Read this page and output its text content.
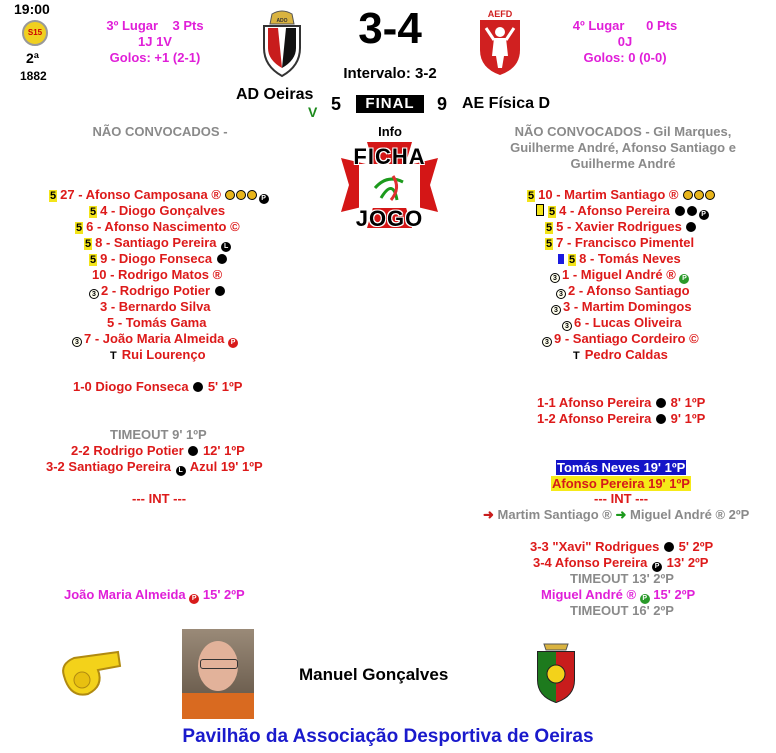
19:00
S15
2ª
1882
3º Lugar 3 Pts
1J 1V
Golos: +1 (2-1)
ADO	3-4
Intervalo: 3-2
AEFD
4º Lugar 0 Pts
0J
Golos: 0 (0-0)
AD Oeiras
V 5	FINAL	9 AE Física D
Info
FICHA
JOGO
NÃO CONVOCADOS -	NÃO CONVOCADOS - Gil Marques, Guilherme André, Afonso Santiago e Guilherme André
5 27 - Afonso Camposana ®	P
5 4 - Diogo Gonçalves
5 6 - Afonso Nascimento ©
5 8 - Santiago Pereira L
5 9 - Diogo Fonseca
10 - Rodrigo Matos ®
3 2 - Rodrigo Potier
3 - Bernardo Silva
5 - Tomás Gama
3 7 - João Maria Almeida P
T Rui Lourenço
5 10 - Martim Santiago ®
5 4 - Afonso Pereira	P
5 5 - Xavier Rodrigues
5 7 - Francisco Pimentel
5 8 - Tomás Neves
3 1 - Miguel André ® P
3 2 - Afonso Santiago
3 3 - Martim Domingos
3 6 - Lucas Oliveira
3 9 - Santiago Cordeiro ©
T Pedro Caldas
1-0 Diogo Fonseca 5' 1ºP
TIMEOUT 9' 1ºP
2-2 Rodrigo Potier 12' 1ºP
3-2 Santiago Pereira L Azul 19' 1ºP
--- INT ---
João Maria Almeida P 15' 2ºP
1-1 Afonso Pereira 8' 1ºP
1-2 Afonso Pereira 9' 1ºP
Tomás Neves 19' 1ºP
Afonso Pereira 19' 1ºP
--- INT ---
➜ Martim Santiago ® ➜ Miguel André ® 2ºP
3-3 "Xavi" Rodrigues 5' 2ºP
3-4 Afonso Pereira P 13' 2ºP
TIMEOUT 13' 2ºP
Miguel André ® P 15' 2ºP
TIMEOUT 16' 2ºP
Manuel Gonçalves
Pavilhão da Associação Desportiva de Oeiras
